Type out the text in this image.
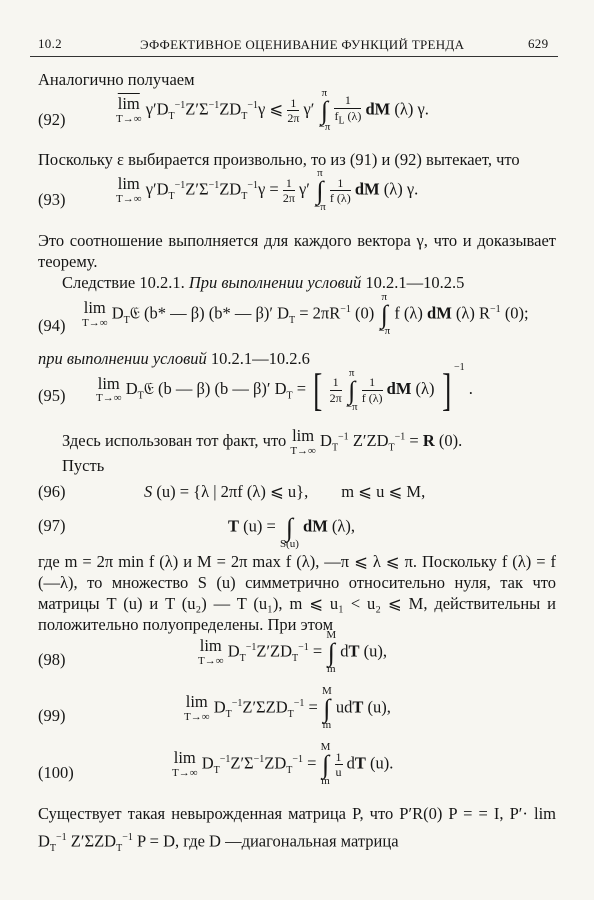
10.2	ЭФФЕКТИВНОЕ ОЦЕНИВАНИЕ ФУНКЦИЙ ТРЕНДА	629
Аналогично получаем
(92)
$\overline{lim}$
T→∞
$\gamma'D_T^{-1}Z'\Sigma^{-1}ZD_T^{-1}\gamma$ ⩽ $\frac{1}{2\pi} \gamma'$
π
∫
−π

$\frac{1}{f_L (\lambda)}$ dM (λ) γ.
Поскольку ε выбирается произвольно, то из (91) и (92) вытекает, что
(93)
lim
T→∞
$\gamma'D_T^{-1}Z'\Sigma^{-1}ZD_T^{-1}\gamma = \frac{1}{2\pi} \gamma'$
π
∫
−π

$\frac{1}{f (\lambda)}$ dM (λ) γ.
Это соотношение выполняется для каждого вектора γ, что и доказывает теорему.
Следствие 10.2.1. При выполнении условий 10.2.1—10.2.5
(94)
lim
T→∞
$D_T𝔈$ (b* — β) (b* — β)′ $D_T = 2\pi R^{-1}$ (0)
π
∫
−π
f (λ) dM (λ) $R^{-1}$ (0);
при выполнении условий 10.2.1—10.2.6
(95)
lim
T→∞
$D_T𝔈$ (b — β) (b — β)′ $D_T$ = [ $\frac{1}{2\pi}$

π
∫
−π

$\frac{1}{f (\lambda)}$ dM (λ) ] $^{-1}$ .
Здесь использован тот факт, что lim
T→∞
$D_T^{-1}$ $Z'ZD_T^{-1} = R$ (0).
Пусть
(96)	S (u) = {λ | 2πf (λ) ⩽ u},        m ⩽ u ⩽ M,
(97)	T (u) =
∫
S(u)
dM (λ),
где m = 2π min f (λ) и M = 2π max f (λ), —π ⩽ λ ⩽ π. Поскольку f (λ) = f (—λ), то множество S (u) симметрично относительно нуля, так что матрицы T (u) и T (u₂) — T (u₁), m ⩽ u₁ < u₂ ⩽ M, действительны и положительно полуопределены. При этом
(98)
lim
T→∞
$D_T^{-1}Z'ZD_T^{-1}$ =
M
∫
m
dT (u),
(99)
lim
T→∞
$D_T^{-1}Z'\Sigma ZD_T^{-1}$ =
M
∫
m
udT (u),
(100)
lim
T→∞
$D_T^{-1}Z'\Sigma^{-1}ZD_T^{-1}$ =
M
∫
m

$\frac{1}{u}$ dT (u).
Существует такая невырожденная матрица P, что P′R(0) P = = I, $P'\cdot \lim D_T^{-1}$ $Z'\Sigma ZD_T^{-1}$ P = D, где D —диагональная матрица
